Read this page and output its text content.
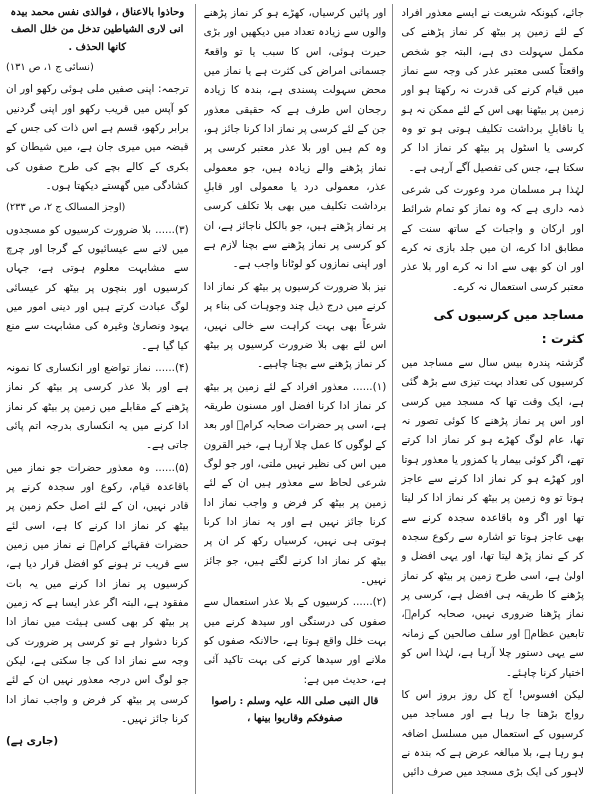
جائے، کیونکہ شریعت نے ایسے معذور افراد کے لئے زمین پر بیٹھ کر نماز پڑھنے کی مکمل سہولت دی ہے، البتہ جو شخص واقعتاً کسی معتبر عذر کی وجہ سے نماز میں قیام کرنے کی قدرت نہ رکھتا ہو اور زمین پر بیٹھنا بھی اس کے لئے ممکن نہ ہو یا ناقابلِ برداشت تکلیف ہوتی ہو تو وہ کرسی یا اسٹول پر بیٹھ کر نماز ادا کر سکتا ہے، جس کی تفصیل آگے آرہی ہے۔

لہٰذا ہر مسلمان مرد وعورت کی شرعی ذمہ داری ہے کہ وہ نماز کو تمام شرائط اور ارکان و واجبات کے ساتھ سنت کے مطابق ادا کرے، ان میں جلد بازی نہ کرے اور ان کو بھی سے ادا نہ کرے اور بلا عذر معتبر کرسی استعمال نہ کرے۔

مساجد میں کرسیوں کی کثرت :

گزشتہ پندرہ بیس سال سے مساجد میں کرسیوں کی تعداد بہت تیزی سے بڑھ گئی ہے، ایک وقت تھا کہ مسجد میں کرسی اور اس پر نماز پڑھنے کا کوئی تصور نہ تھا، عام لوگ کھڑے ہو کر نماز ادا کرتے تھے، اگر کوئی بیمار یا کمزور یا معذور ہوتا اور کھڑے ہو کر نماز ادا کرنے سے عاجز ہوتا تو وہ زمین پر بیٹھ کر نماز ادا کر لیتا تھا اور اگر وہ باقاعدہ سجدہ کرنے سے بھی عاجز ہوتا تو اشارہ سے رکوع سجدہ کر کے نماز پڑھ لیتا تھا، اور یہی افضل و اولیٰ ہے، اسی طرح زمین پر بیٹھ کر نماز پڑھنے کا طریقہ ہی افضل ہے، کرسی پر نماز پڑھنا ضروری نہیں، صحابہ کرامؓ، تابعین عظامؒ اور سلف صالحین کے زمانہ سے یہی دستور چلا آرہا ہے، لہٰذا اس کو اختیار کرنا چاہئے۔

لیکن افسوس! آج کل روز بروز اس کا رواج بڑھتا جا رہا ہے اور مساجد میں کرسیوں کے استعمال میں مسلسل اضافہ ہو رہا ہے، بلا مبالغہ عرض ہے کہ بندہ نے لاہور کی ایک بڑی مسجد میں صرف دائیں

اور پائیں کرسیاں، کھڑے ہو کر نماز پڑھنے والوں سے زیادہ تعداد میں دیکھیں اور بڑی حیرت ہوئی، اس کا سبب یا تو واقعۃً جسمانی امراض کی کثرت ہے یا نماز میں محض سہولت پسندی ہے، بندہ کا زیادہ رجحان اس طرف ہے کہ حقیقی معذور جن کے لئے کرسی پر نماز ادا کرنا جائز ہو، وہ کم ہیں اور بلا عذر معتبر کرسی پر نماز پڑھنے والے زیادہ ہیں، جو معمولی عذر، معمولی درد یا معمولی اور قابلِ برداشت تکلیف میں بھی بلا تکلف کرسی پر نماز پڑھتے ہیں، جو بالکل ناجائز ہے، ان کو کرسی پر نماز پڑھنے سے بچنا لازم ہے اور اپنی نمازوں کو لوٹانا واجب ہے۔

نیز بلا ضرورت کرسیوں پر بیٹھ کر نماز ادا کرنے میں درج ذیل چند وجوہات کی بناء پر شرعاً بھی بہت کراہت سے خالی نہیں، اس لئے بھی بلا ضرورت کرسیوں پر بیٹھ کر نماز پڑھنے سے بچنا چاہیے۔

(۱)...... معذور افراد کے لئے زمین پر بیٹھ کر نماز ادا کرنا افضل اور مسنون طریقہ ہے، اسی پر حضرات صحابہ کرامؓ اور بعد کے لوگوں کا عمل چلا آرہا ہے، خیر القرون میں اس کی نظیر نہیں ملتی، اور جو لوگ شرعی لحاظ سے معذور ہیں ان کے لئے زمین پر بیٹھ کر فرض و واجب نماز ادا کرنا جائز نہیں ہے اور یہ نماز ادا کرنا ہوتی ہی نہیں، کرسیاں رکھ کر ان پر بیٹھ کر نماز ادا کرنے لگتے ہیں، جو جائز نہیں۔

(۲)...... کرسیوں کے بلا عذر استعمال سے صفوں کی درستگی اور سیدھ کرنے میں بہت خلل واقع ہوتا ہے، حالانکہ صفوں کو ملانے اور سیدھا کرنے کی بہت تاکید آئی ہے، حدیث میں ہے:

قال النبی صلی اللہ علیہ وسلم : راصوا صفوفکم وقاربوا بینھا ،

وحاذوا بالاعناق ، فوالذی نفس محمد بیدہ انی لاری الشیاطین تدخل من خلل الصف کانھا الحذف .

(نسائی ج ۱، ص ۱۳۱)

ترجمہ: اپنی صفیں ملی ہوئی رکھو اور ان کو آپس میں قریب رکھو اور اپنی گردنیں برابر رکھو، قسم ہے اس ذات کی جس کے قبضہ میں میری جان ہے، میں شیطان کو بکری کے کالے بچے کی طرح صفوں کی کشادگی میں گھستے دیکھتا ہوں۔

(اوجز المسالک ج ۲، ص ۲۳۳)

(۳)...... بلا ضرورت کرسیوں کو مسجدوں میں لانے سے عیسائیوں کے گرجا اور چرچ سے مشابہت معلوم ہوتی ہے، جہاں کرسیوں اور بنچوں پر بیٹھ کر عیسائی لوگ عبادت کرتے ہیں اور دینی امور میں یہود ونصاریٰ وغیرہ کی مشابہت سے منع کیا گیا ہے۔

(۴)...... نماز تواضع اور انکساری کا نمونہ ہے اور بلا عذر کرسی پر بیٹھ کر نماز پڑھنے کے مقابلے میں زمین پر بیٹھ کر نماز ادا کرنے میں یہ انکساری بدرجہ اتم پائی جاتی ہے۔

(۵)...... وہ معذور حضرات جو نماز میں باقاعدہ قیام، رکوع اور سجدہ کرنے پر قادر نہیں، ان کے لئے اصل حکم زمین پر بیٹھ کر نماز ادا کرنے کا ہے، اسی لئے حضرات فقہائے کرامؒ نے نماز میں زمین سے قریب تر ہونے کو افضل قرار دیا ہے، کرسیوں پر نماز ادا کرنے میں یہ بات مفقود ہے، البتہ اگر عذر ایسا ہے کہ زمین پر بیٹھ کر بھی کسی ہیئت میں نماز ادا کرنا دشوار ہے تو کرسی پر ضرورت کی وجہ سے نماز ادا کی جا سکتی ہے، لیکن جو لوگ اس درجہ معذور نہیں ان کے لئے کرسی پر بیٹھ کر فرض و واجب نماز ادا کرنا جائز نہیں۔

(جاری ہے)
